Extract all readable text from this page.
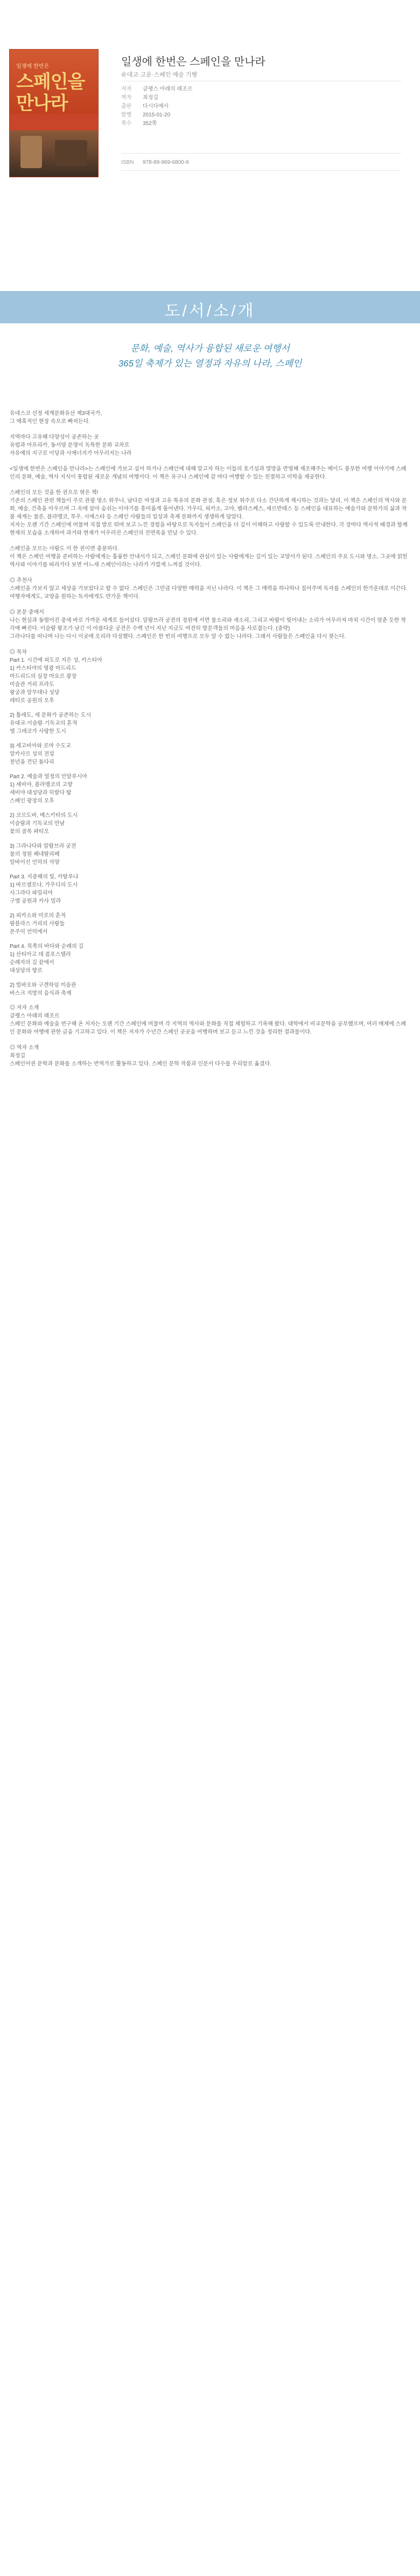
일생에 한번은
스페인을
만나라
일생에 한번은 스페인을 만나라
유대교·고운·스페인 예술 기행
저자 클랭스 아래의 래조르
역자 최정길
출판 다시다예사
발행 2015-01-20
쪽수 352쪽
ISBN 978-89-969-6800-9
도/서/소/개
문화, 예술, 역사가 융합된 새로운 여행서
365일 축제가 있는 열정과 자유의 나라, 스페인

유네스코 선정 세계문화유산 제3대국가,
그 매혹적인 현장 속으로 빠져든다.

지역마다 고유해 다양성이 공존하는 곳
유럽과 아프리카, 동서양 문명이 독특한 문화 교차로
자유예의 지구로 이당과 시에너지가 어우러지는 나라

<일생에 한번은 스페인을 만나라>는 스페인에 가보고 싶어 하거나 스페인에 대해 알고자 하는 이들의 호기심과 열망을 반영해 제조해주는 메이드 풍부한 여행 이야기에 스페인의 문화, 예술, 역사 지식이 통합된 새로운 개념의 여행서다. 이 책은 유구나 스페인에 갈 마다 여행할 수 있는 친절하고 미학을 제공한다.

스페인의 모든 것을 한 권으로 엮은 책!
기존의 스페인 관련 책들이 주로 관광 명소 위주나, 남다른 여정과 고유 특유의 문화 관점, 혹은 정보 위주로 다소 간단하게 제시하는 것과는 달리, 이 책은 스페인의 역사와 문화, 예술, 건축을 아우르며 그 속에 살아 숨쉬는 이야기를 흥미롭게 풀어낸다. 가우디, 피카소, 고야, 벨라스케스, 세르반테스 등 스페인을 대표하는 예술가와 문학가의 삶과 작품 세계는 물론, 플라멩코, 투우, 시에스타 등 스페인 사람들의 일상과 축제 문화까지 생생하게 담았다.
저자는 오랜 기간 스페인에 머물며 직접 발로 뛰며 보고 느낀 경험을 바탕으로 독자들이 스페인을 더 깊이 이해하고 사랑할 수 있도록 안내한다. 각 장마다 역사적 배경과 함께 현재의 모습을 소개하여 과거와 현재가 어우러진 스페인의 진면목을 만날 수 있다.

스페인을 모르는 사람도 이 한 권이면 충분하다.
이 책은 스페인 여행을 준비하는 사람에게는 훌륭한 안내서가 되고, 스페인 문화에 관심이 있는 사람에게는 깊이 있는 교양서가 된다. 스페인의 주요 도시와 명소, 그곳에 얽힌 역사와 이야기를 따라가다 보면 어느새 스페인이라는 나라가 가깝게 느껴질 것이다.

◎ 추천사
스페인을 가보지 않고 세상을 가보았다고 할 수 없다. 스페인은 그만큼 다양한 매력을 지닌 나라다. 이 책은 그 매력을 하나하나 짚어주며 독자를 스페인의 한가운데로 이끈다. 여행자에게도, 교양을 원하는 독자에게도 반가운 책이다.

◎ 본문 중에서
나는 현실과 동떨어진 중세 바로 가까운 세계로 들어섰다. 알람브라 궁전의 정원에 서면 물소리와 새소리, 그리고 바람이 빚어내는 소리가 어우러져 마치 시간이 멈춘 듯한 착각에 빠진다. 이슬람 왕조가 남긴 이 아름다운 궁전은 수백 년이 지난 지금도 여전히 방문객들의 마음을 사로잡는다. (중략)
그라나다를 떠나며 나는 다시 이곳에 오리라 다짐했다. 스페인은 한 번의 여행으로 모두 알 수 없는 나라다. 그래서 사람들은 스페인을 다시 찾는다.

◎ 목차

Part 1. 시간에 피도로 지은 성, 카스티야

1) 카스티야의 영광 마드리드
마드리드의 심장 마요르 광장
미술관 거리 프라도
왕궁과 알무데나 성당
레티로 공원의 오후

2) 톨레도, 세 문화가 공존하는 도시
유대교·이슬람·기독교의 흔적
엘 그레코가 사랑한 도시

3) 세고비아와 로마 수도교
알카사르 성의 전설
천년을 견딘 돌다리

Part 2. 예술과 열정의 안달루시아

1) 세비야, 플라멩코의 고향
세비야 대성당과 히랄다 탑
스페인 광장의 오후

2) 코르도바, 메스키타의 도시
이슬람과 기독교의 만남
꽃의 골목 파티오

3) 그라나다와 알람브라 궁전
물의 정원 헤네랄리페
알바이신 언덕의 석양

Part 3. 지중해의 빛, 카탈루냐

1) 바르셀로나, 가우디의 도시
사그라다 파밀리아
구엘 공원과 카사 밀라

2) 피카소와 미로의 흔적
람블라스 거리의 사람들
몬주익 언덕에서

Part 4. 북쪽의 바다와 순례의 길

1) 산티아고 데 콤포스텔라
순례자의 길 끝에서
대성당의 향로

2) 빌바오와 구겐하임 미술관
바스크 지방의 음식과 축제

◎ 저자 소개

클랭스 아래의 래조르
스페인 문화와 예술을 연구해 온 저자는 오랜 기간 스페인에 머물며 각 지역의 역사와 문화를 직접 체험하고 기록해 왔다. 대학에서 비교문학을 공부했으며, 여러 매체에 스페인 문화와 여행에 관한 글을 기고하고 있다. 이 책은 저자가 수년간 스페인 곳곳을 여행하며 보고 듣고 느낀 것을 정리한 결과물이다.

◎ 역자 소개

최정길
스페인어권 문학과 문화를 소개하는 번역가로 활동하고 있다. 스페인 문학 작품과 인문서 다수를 우리말로 옮겼다.
